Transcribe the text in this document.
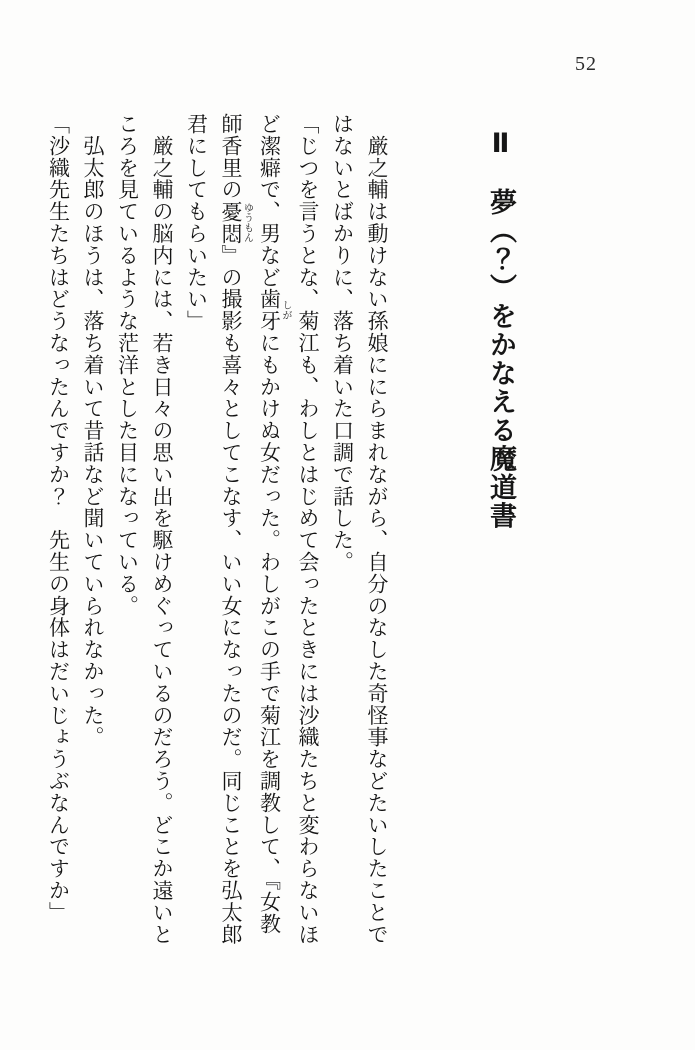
52
Ⅱ夢（？）をかなえる魔道書
　厳之輔は動けない孫娘ににらまれながら、自分のなした奇怪事などたいしたことで
はないとばかりに、落ち着いた口調で話した。
「じつを言うとな、菊江も、わしとはじめて会ったときには沙織たちと変わらないほ
ど潔癖で、男など歯牙しがにもかけぬ女だった。わしがこの手で菊江を調教して、『女教
師香里の憂悶ゆうもん』の撮影も喜々としてこなす、いい女になったのだ。同じことを弘太郎
君にしてもらいたい」
　厳之輔の脳内には、若き日々の思い出を駆けめぐっているのだろう。どこか遠いと
ころを見ているような茫洋とした目になっている。
　弘太郎のほうは、落ち着いて昔話など聞いていられなかった。
「沙織先生たちはどうなったんですか？　先生の身体はだいじょうぶなんですか」
